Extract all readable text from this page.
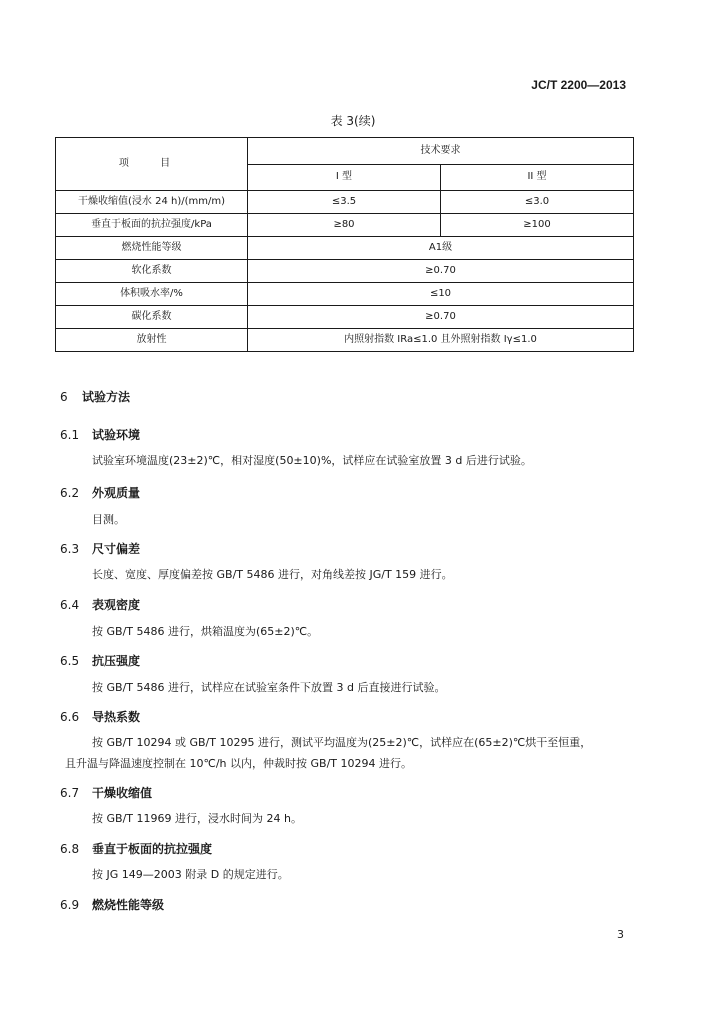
JC/T 2200—2013
表 3(续)
项 目	技术要求	
	I 型	II 型
干燥收缩值(浸水 24 h)/(mm/m)	≤3.5	≤3.0
垂直于板面的抗拉强度/kPa	≥80	≥100
燃烧性能等级	A1级	
软化系数	≥0.70	
体积吸水率/%	≤10	
碳化系数	≥0.70	
放射性	内照射指数 IRa≤1.0 且外照射指数 Iγ≤1.0	
6 试验方法
6.1 试验环境
试验室环境温度(23±2)℃，相对湿度(50±10)%，试样应在试验室放置 3 d 后进行试验。
6.2 外观质量
目测。
6.3 尺寸偏差
长度、宽度、厚度偏差按 GB/T 5486 进行，对角线差按 JG/T 159 进行。
6.4 表观密度
按 GB/T 5486 进行，烘箱温度为(65±2)℃。
6.5 抗压强度
按 GB/T 5486 进行，试样应在试验室条件下放置 3 d 后直接进行试验。
6.6 导热系数
按 GB/T 10294 或 GB/T 10295 进行，测试平均温度为(25±2)℃，试样应在(65±2)℃烘干至恒重，
且升温与降温速度控制在 10℃/h 以内，仲裁时按 GB/T 10294 进行。
6.7 干燥收缩值
按 GB/T 11969 进行，浸水时间为 24 h。
6.8 垂直于板面的抗拉强度
按 JG 149—2003 附录 D 的规定进行。
6.9 燃烧性能等级
3
